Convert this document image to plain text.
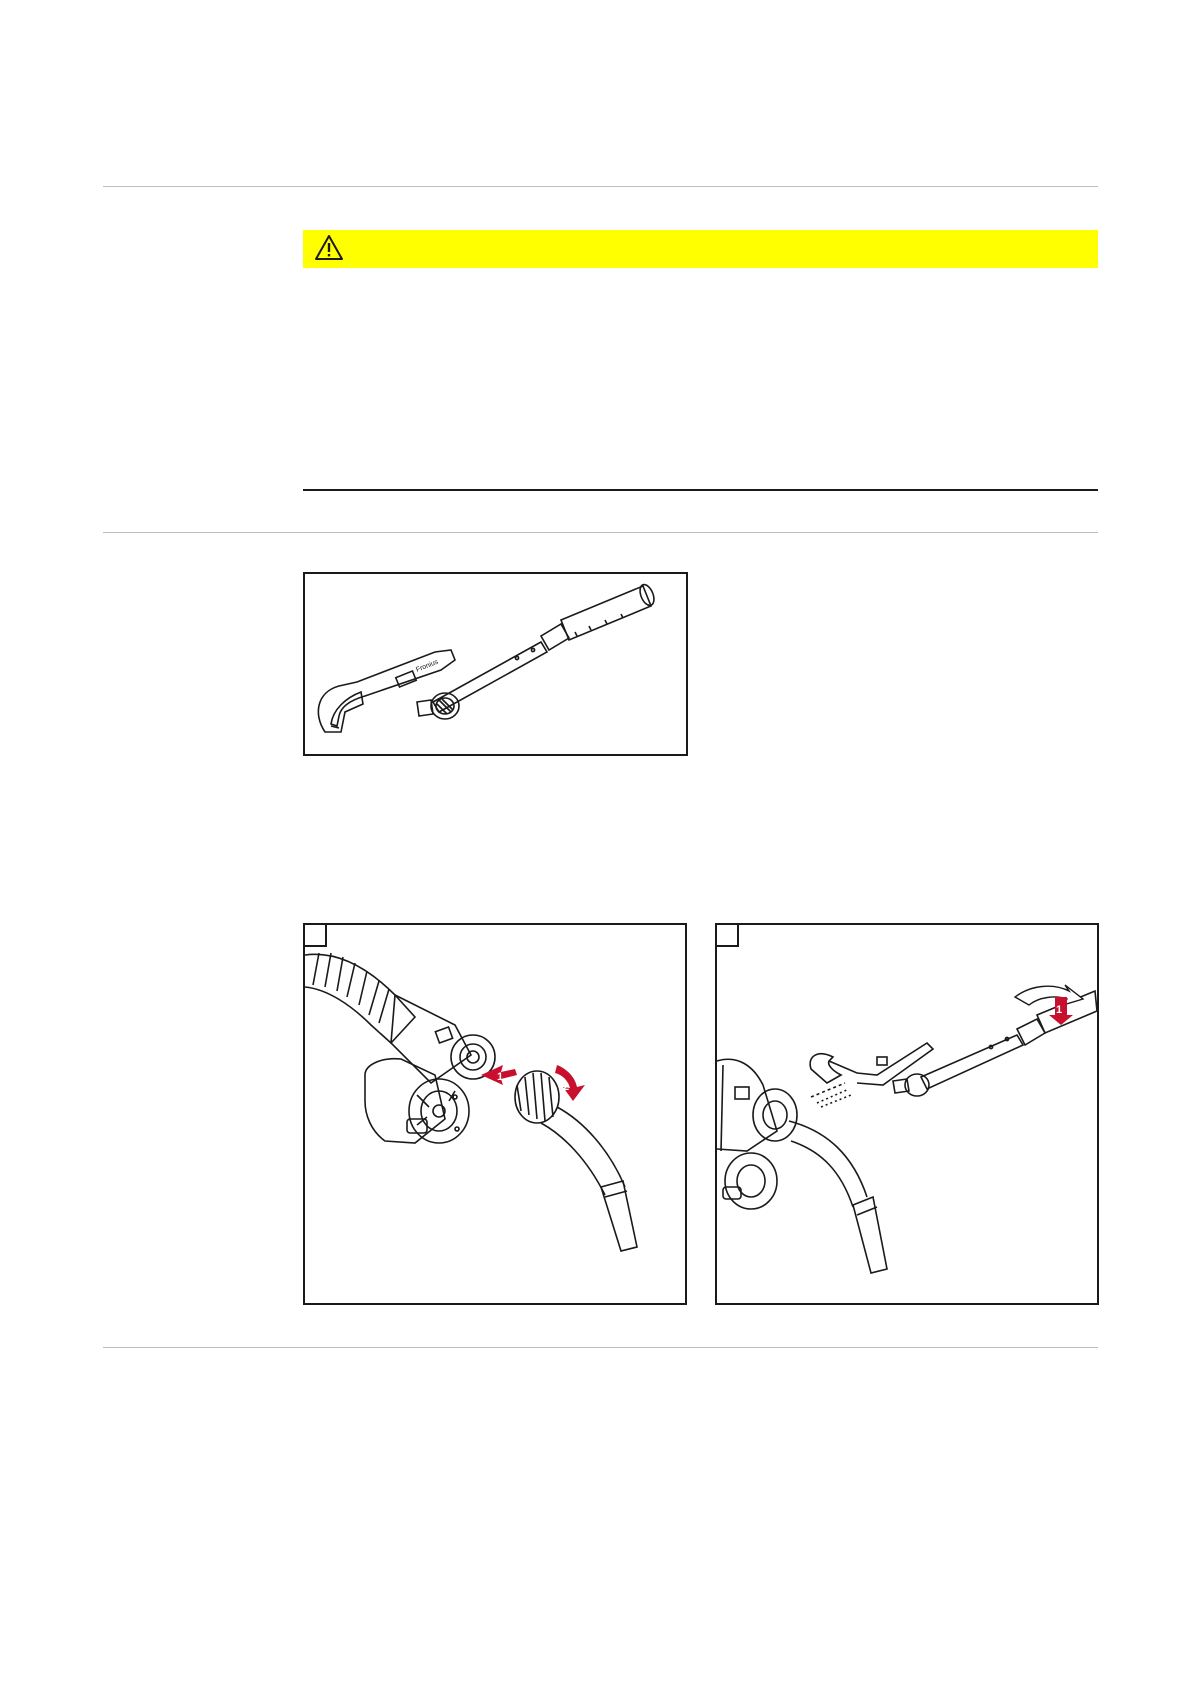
Fronius
1
2
1
